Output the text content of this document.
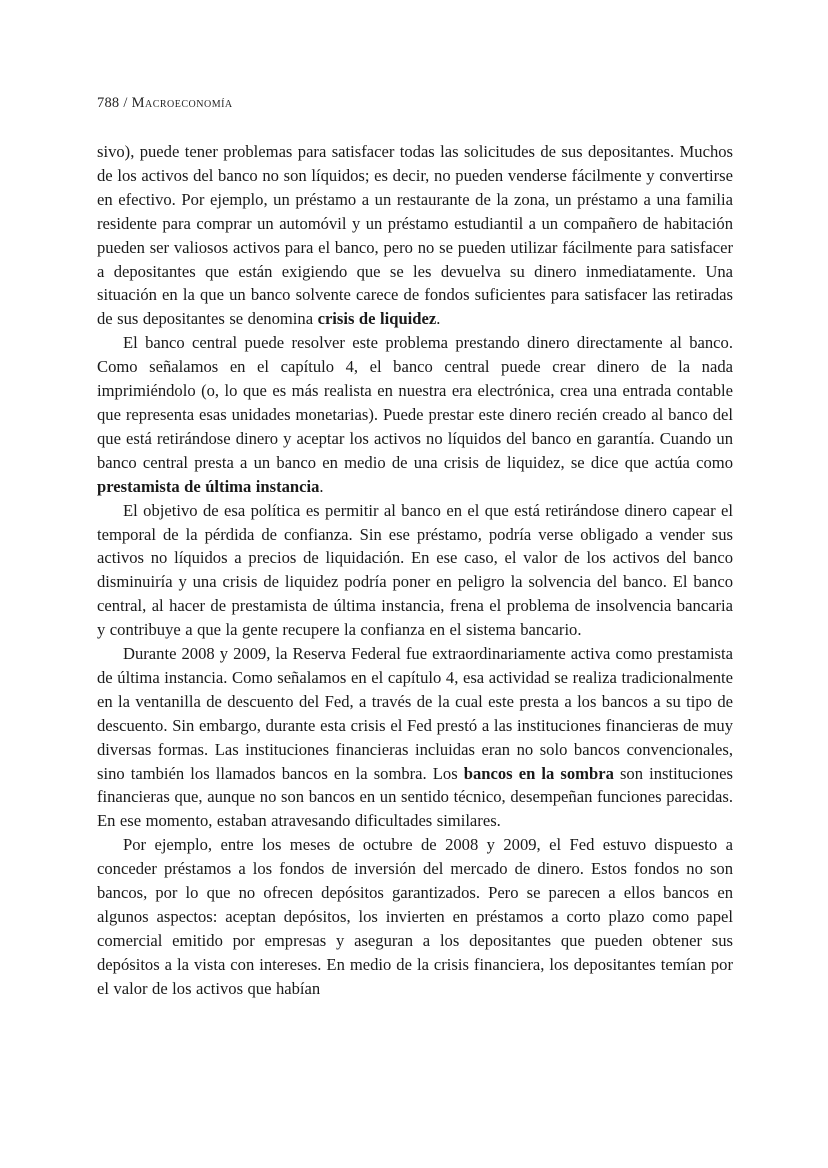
788 / Macroeconomía

sivo), puede tener problemas para satisfacer todas las solicitudes de sus depositantes. Muchos de los activos del banco no son líquidos; es decir, no pueden venderse fácilmente y convertirse en efectivo. Por ejemplo, un préstamo a un restaurante de la zona, un préstamo a una familia residente para comprar un automóvil y un préstamo estudiantil a un compañero de habitación pueden ser valiosos activos para el banco, pero no se pueden utilizar fácilmente para satisfacer a depositantes que están exigiendo que se les devuelva su dinero inmediatamente. Una situación en la que un banco solvente carece de fondos suficientes para satisfacer las retiradas de sus depositantes se denomina crisis de liquidez.

El banco central puede resolver este problema prestando dinero directamente al banco. Como señalamos en el capítulo 4, el banco central puede crear dinero de la nada imprimiéndolo (o, lo que es más realista en nuestra era electrónica, crea una entrada contable que representa esas unidades monetarias). Puede prestar este dinero recién creado al banco del que está retirándose dinero y aceptar los activos no líquidos del banco en garantía. Cuando un banco central presta a un banco en medio de una crisis de liquidez, se dice que actúa como prestamista de última instancia.

El objetivo de esa política es permitir al banco en el que está retirándose dinero capear el temporal de la pérdida de confianza. Sin ese préstamo, podría verse obligado a vender sus activos no líquidos a precios de liquidación. En ese caso, el valor de los activos del banco disminuiría y una crisis de liquidez podría poner en peligro la solvencia del banco. El banco central, al hacer de prestamista de última instancia, frena el problema de insolvencia bancaria y contribuye a que la gente recupere la confianza en el sistema bancario.

Durante 2008 y 2009, la Reserva Federal fue extraordinariamente activa como prestamista de última instancia. Como señalamos en el capítulo 4, esa actividad se realiza tradicionalmente en la ventanilla de descuento del Fed, a través de la cual este presta a los bancos a su tipo de descuento. Sin embargo, durante esta crisis el Fed prestó a las instituciones financieras de muy diversas formas. Las instituciones financieras incluidas eran no solo bancos convencionales, sino también los llamados bancos en la sombra. Los bancos en la sombra son instituciones financieras que, aunque no son bancos en un sentido técnico, desempeñan funciones parecidas. En ese momento, estaban atravesando dificultades similares.

Por ejemplo, entre los meses de octubre de 2008 y 2009, el Fed estuvo dispuesto a conceder préstamos a los fondos de inversión del mercado de dinero. Estos fondos no son bancos, por lo que no ofrecen depósitos garantizados. Pero se parecen a ellos bancos en algunos aspectos: aceptan depósitos, los invierten en préstamos a corto plazo como papel comercial emitido por empresas y aseguran a los depositantes que pueden obtener sus depósitos a la vista con intereses. En medio de la crisis financiera, los depositantes temían por el valor de los activos que habían
